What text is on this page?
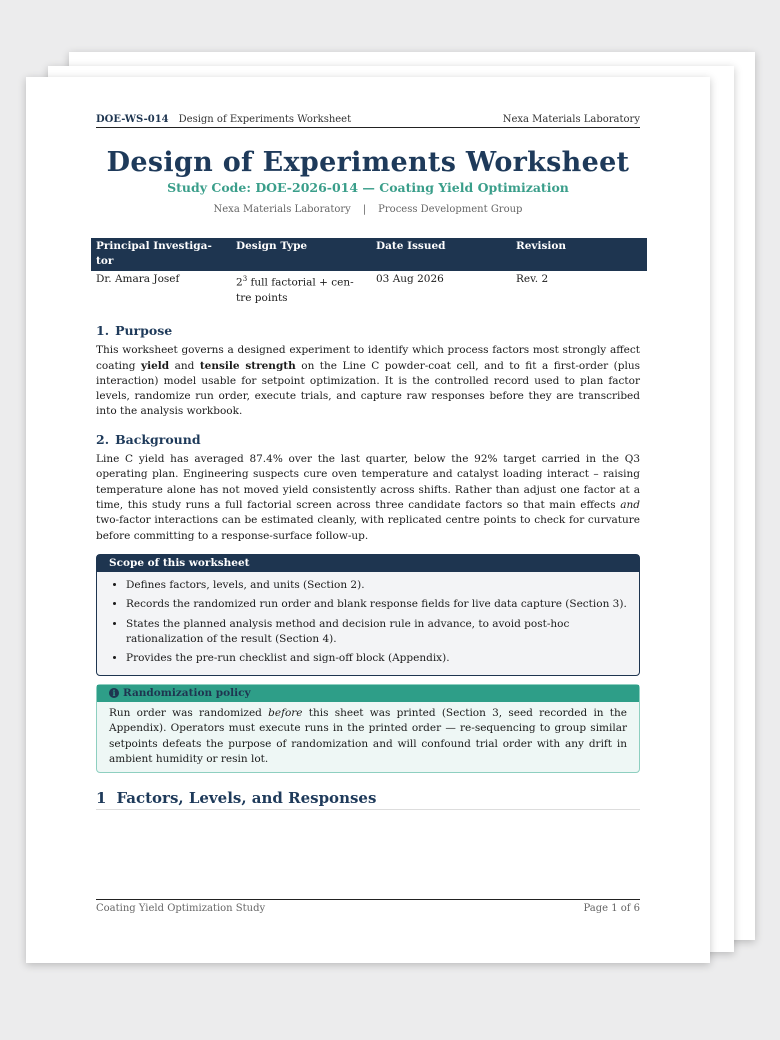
DOE-WS-014 Design of Experiments Worksheet	Nexa Materials Laboratory
Design of Experiments Worksheet
Study Code: DOE-2026-014 — Coating Yield Optimization
Nexa Materials Laboratory | Process Development Group
Principal Investiga-tor	Design Type	Date Issued	Revision
Dr. Amara Josef	$2^3$ full factorial + cen-tre points	03 Aug 2026	Rev. 2
1. Purpose

This worksheet governs a designed experiment to identify which process factors most strongly affect coating yield and tensile strength on the Line C powder-coat cell, and to fit a first-order (plus interaction) model usable for setpoint optimization. It is the controlled record used to plan factor levels, randomize run order, execute trials, and capture raw responses before they are transcribed into the analysis workbook.

2. Background

Line C yield has averaged 87.4% over the last quarter, below the 92% target carried in the Q3 operating plan. Engineering suspects cure oven temperature and catalyst loading interact – raising temperature alone has not moved yield consistently across shifts. Rather than adjust one factor at a time, this study runs a full factorial screen across three candidate factors so that main effects and two-factor interactions can be estimated cleanly, with replicated centre points to check for curvature before committing to a response-surface follow-up.

Scope of this worksheet
• Defines factors, levels, and units (Section 2).
• Records the randomized run order and blank response fields for live data capture (Section 3).
• States the planned analysis method and decision rule in advance, to avoid post-hoc rationalization of the result (Section 4).
• Provides the pre-run checklist and sign-off block (Appendix).
i Randomization policy

Run order was randomized before this sheet was printed (Section 3, seed recorded in the Appendix). Operators must execute runs in the printed order — re-sequencing to group similar setpoints defeats the purpose of randomization and will confound trial order with any drift in ambient humidity or resin lot.

1 Factors, Levels, and Responses
Coating Yield Optimization Study	Page 1 of 6
